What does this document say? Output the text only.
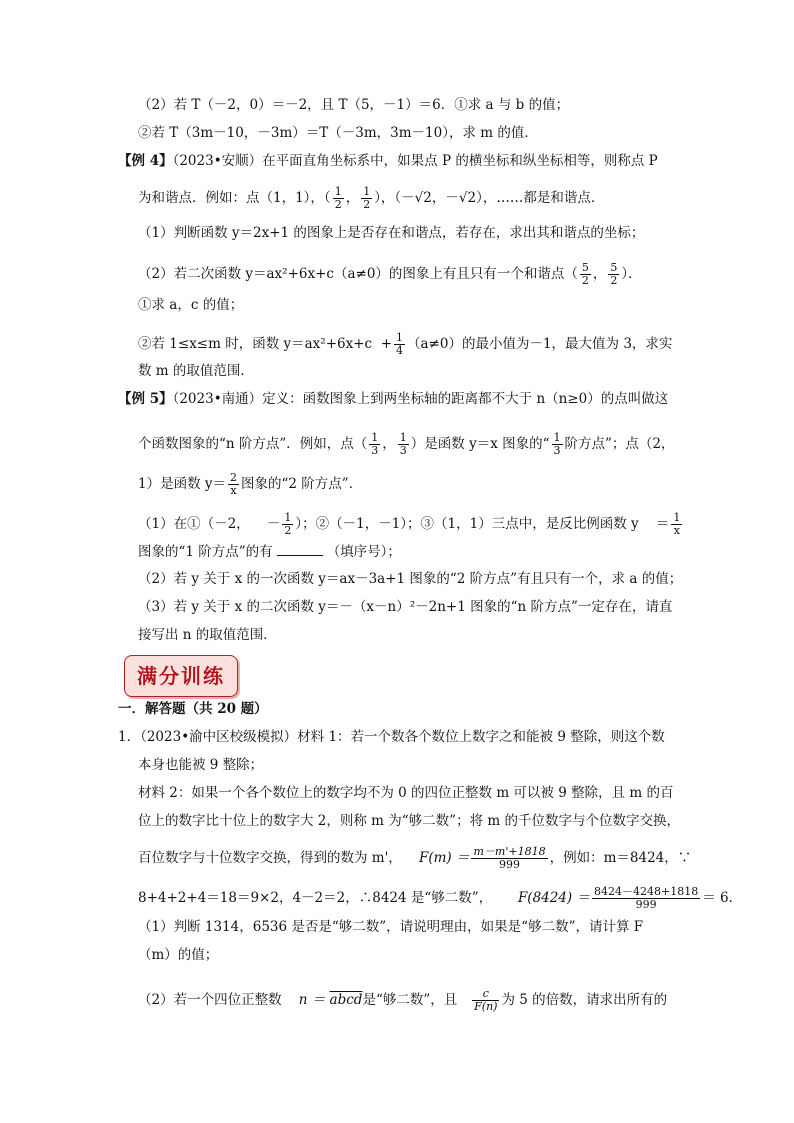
（2）若 T（－2，0）＝－2，且 T（5，－1）＝6．①求 a 与 b 的值；
②若 T（3m－10，－3m）＝T（－3m，3m－10），求 m 的值．
【例 4】（2023•安顺）在平面直角坐标系中，如果点 P 的横坐标和纵坐标相等，则称点 P
为和谐点．例如：点（1，1），（ $\frac{1}{2}$ ， $\frac{1}{2}$ ），（－√2，－√2），……都是和谐点．
（1）判断函数 y＝2x+1 的图象上是否存在和谐点，若存在，求出其和谐点的坐标；
（2）若二次函数 y＝ax²+6x+c（a≠0）的图象上有且只有一个和谐点（ $\frac{5}{2}$ ， $\frac{5}{2}$ ）．
①求 a，c 的值；
②若 1≤x≤m 时，函数 $y=ax^2+6x+c + \frac{1}{4} (a\ne 0)$的最小值为－1，最大值为 3，求实
数 m 的取值范围．
【例 5】（2023•南通）定义：函数图象上到两坐标轴的距离都不大于 n（n≥0）的点叫做这
个函数图象的“n 阶方点”．例如，点（ $\frac{1}{3}$ ， $\frac{1}{3}$ ）是函数 y＝x 图象的“ $\frac{1}{3}$ 阶方点”；点（2，
1）是函数 $y= \frac{2}{x}$ 图象的“2 阶方点”．
（1）在①（－2， － $\frac{1}{2}$ ）；②（－1，－1）；③（1，1）三点中，是反比例函数 $y = \frac{1}{x}$
图象的“1 阶方点”的有	（填序号）；
（2）若 y 关于 x 的一次函数 y＝ax－3a+1 图象的“2 阶方点”有且只有一个，求 a 的值；
（3）若 y 关于 x 的二次函数 y＝－（x－n）²－2n+1 图象的“n 阶方点”一定存在，请直
接写出 n 的取值范围．
满分训练
一．解答题（共 20 题）
1．（2023•渝中区校级模拟）材料 1：若一个数各个数位上数字之和能被 9 整除，则这个数
本身也能被 9 整除；
材料 2：如果一个各个数位上的数字均不为 0 的四位正整数 m 可以被 9 整除，且 m 的百
位上的数字比十位上的数字大 2，则称 m 为“够二数”；将 m 的千位数字与个位数字交换，
百位数字与十位数字交换，得到的数为 m'， $F(m) = \frac{m-m'+1818}{999}$ ，例如：m＝8424，∵
8+4+2+4＝18＝9×2，4－2＝2，∴8424 是“够二数”， $F(8424) = \frac{8424-4248+1818}{999} = 6$．
（1）判断 1314，6536 是否是“够二数”，请说明理由，如果是“够二数”，请计算 F
（m）的值；
（2）若一个四位正整数 n ＝ abcd是“够二数”，且 $\frac{c}{F(n)}$ 为 5 的倍数，请求出所有的
